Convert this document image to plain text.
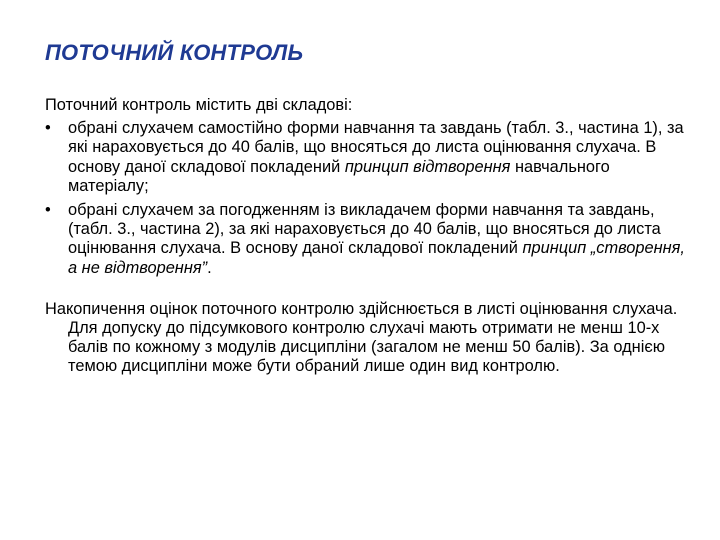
ПОТОЧНИЙ КОНТРОЛЬ

Поточний контроль містить дві складові:

• обрані слухачем самостійно форми навчання та завдань (табл. 3., частина 1), за які нараховується до 40 балів, що вносяться до листа оцінювання слухача. В основу даної складової покладений принцип відтворення навчального матеріалу;
• обрані слухачем за погодженням із викладачем форми навчання та завдань, (табл. 3., частина 2), за які нараховується до 40 балів, що вносяться до листа оцінювання слухача. В основу даної складової покладений принцип „створення, а не відтворення”.

Накопичення оцінок поточного контролю здійснюється в листі оцінювання слухача. Для допуску до підсумкового контролю слухачі мають отримати не менш 10-х балів по кожному з модулів дисципліни (загалом не менш 50 балів). За однією темою дисципліни може бути обраний лише один вид контролю.
